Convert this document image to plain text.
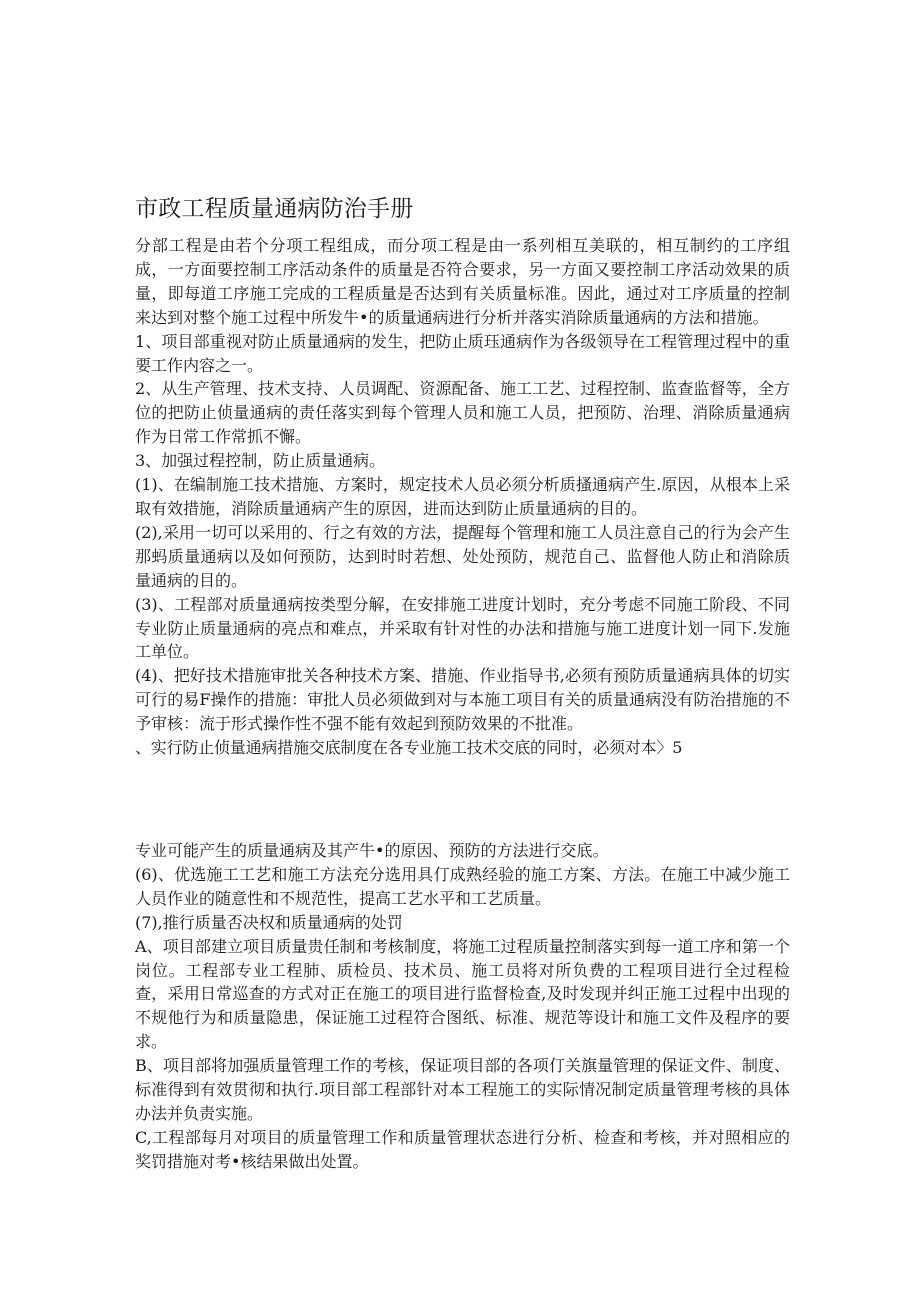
市政工程质量通病防治手册

分部工程是由若个分项工程组成，而分项工程是由一系列相互美联的，相互制约的工序组成，一方面要控制工序活动条件的质量是否符合要求，另一方面又要控制工序活动效果的质量，即每道工序施工完成的工程质量是否达到有关质量标准。因此，通过对工序质量的控制来达到对整个施工过程中所发牛•的质量通病进行分析并落实消除质量通病的方法和措施。

1、项目部重视对防止质量通病的发生，把防止质珏通病作为各级领导在工程管理过程中的重要工作内容之一。

2、从生产管理、技术支持、人员调配、资源配备、施工工艺、过程控制、监查监督等，全方位的把防止侦量通病的责任落实到每个管理人员和施工人员，把预防、治理、消除质量通病作为日常工作常抓不懈。

3、加强过程控制，防止质量通病。

(1)、在编制施工技术措施、方案时，规定技术人员必须分析质搔通病产生.原因，从根本上采取有效措施，消除质量通病产生的原因，进而达到防止质量通病的目的。

(2),采用一切可以采用的、行之有效的方法，提醒每个管理和施工人员注意自己的行为会产生那蚂质量通病以及如何预防，达到时时若想、处处预防，规范自己、监督他人防止和消除质量通病的目的。

(3)、工程部对质量通病按类型分解，在安排施工进度计划时，充分考虑不同施工阶段、不同专业防止质量通病的亮点和难点，并采取有针对性的办法和措施与施工进度计划一同下.发施工单位。

(4)、把好技术措施审批关各种技术方案、措施、作业指导书,必须有预防质量通病具体的切实可行的易F操作的措施：审批人员必须做到对与本施工项目有关的质量通病没有防治措施的不予审核：流于形式操作性不强不能有效起到预防效果的不批准。

、实行防止侦量通病措施交底制度在各专业施工技术交底的同时，必须对本〉5

专业可能产生的质量通病及其产牛•的原因、预防的方法进行交底。

(6)、优选施工工艺和施工方法充分选用具仃成熟经验的施工方案、方法。在施工中减少施工人员作业的随意性和不规范性，提高工艺水平和工艺质量。

(7),推行质量否决权和质量通病的处罚

A、项目部建立项目质量贵任制和考核制度，将施工过程质量控制落实到每一道工序和第一个岗位。工程部专业工程肺、质检员、技术员、施工员将对所负费的工程项目进行全过程检查，采用日常巡查的方式对正在施工的项目进行监督检查,及时发现并纠正施工过程中出现的不规他行为和质量隐患，保证施工过程符合图纸、标准、规范等设计和施工文件及程序的要求。

B、项目部将加强质量管理工作的考核，保证项目部的各项仃关旗量管理的保证文件、制度、标准得到有效贯彻和执行.项目部工程部针对本工程施工的实际情况制定质量管理考核的具体办法并负责实施。

C,工程部每月对项目的质量管理工作和质量管理状态进行分析、检查和考核，并对照相应的奖罚措施对考•核结果做出处置。
